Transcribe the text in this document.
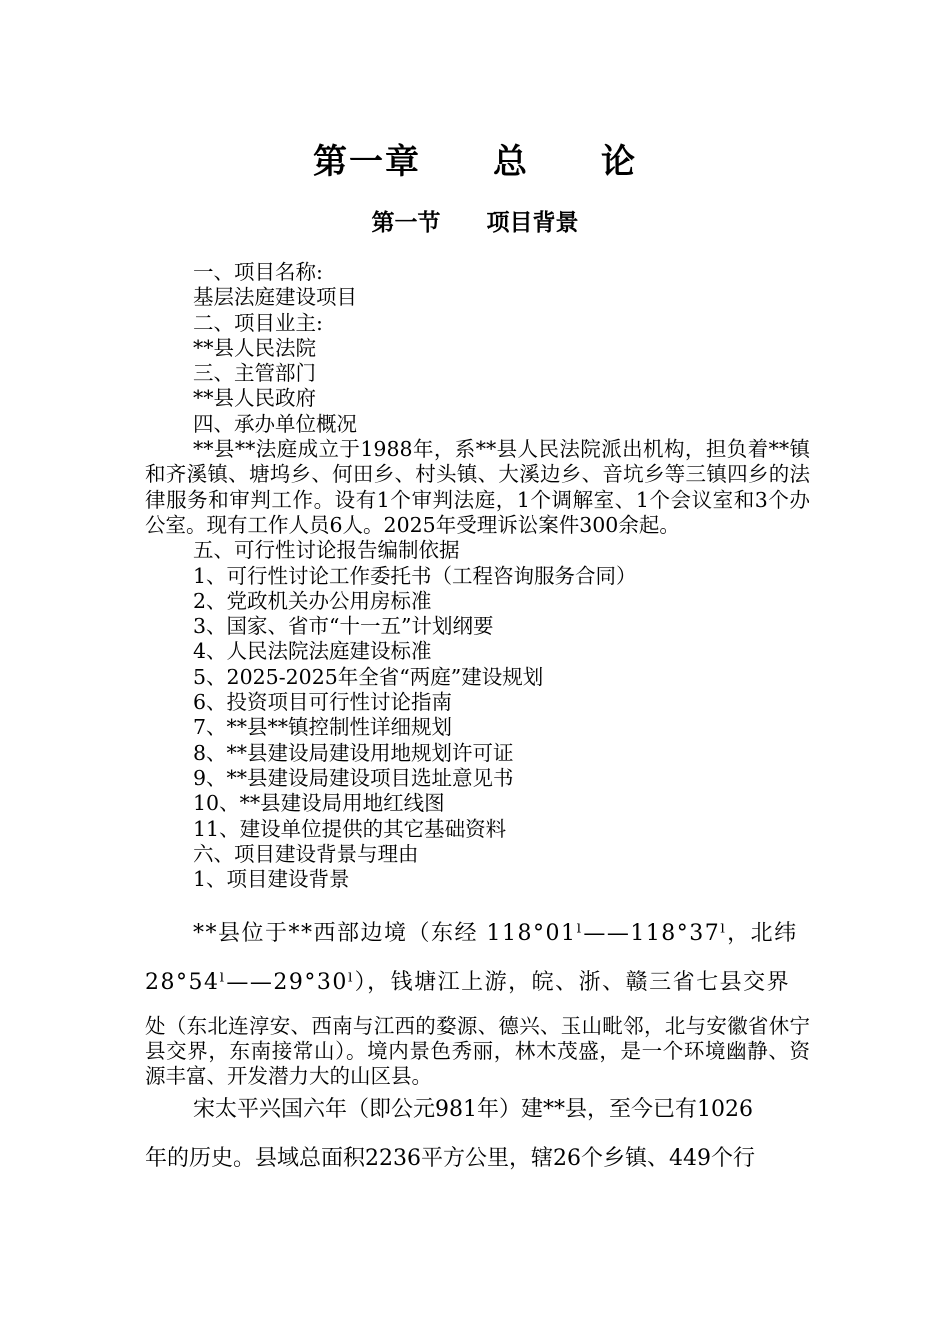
第一章　　总　　论
第一节　　项目背景

一、项目名称:

基层法庭建设项目

二、项目业主:

**县人民法院

三、主管部门

**县人民政府

四、承办单位概况

**县**法庭成立于1988年，系**县人民法院派出机构，担负着**镇和齐溪镇、塘坞乡、何田乡、村头镇、大溪边乡、音坑乡等三镇四乡的法律服务和审判工作。设有1个审判法庭，1个调解室、1个会议室和3个办公室。现有工作人员6人。2025年受理诉讼案件300余起。

五、可行性讨论报告编制依据

1、可行性讨论工作委托书（工程咨询服务合同）

2、党政机关办公用房标准

3、国家、省市“十一五”计划纲要

4、人民法院法庭建设标准

5、2025-2025年全省“两庭”建设规划

6、投资项目可行性讨论指南

7、**县**镇控制性详细规划

8、**县建设局建设用地规划许可证

9、**县建设局建设项目选址意见书

10、**县建设局用地红线图

11、建设单位提供的其它基础资料

六、项目建设背景与理由

1、项目建设背景

**县位于**西部边境（东经 118°01ˡ——118°37ˡ，北纬

28°54ˡ——29°30ˡ），钱塘江上游，皖、浙、赣三省七县交界

处（东北连淳安、西南与江西的婺源、德兴、玉山毗邻，北与安徽省休宁县交界，东南接常山）。境内景色秀丽，林木茂盛，是一个环境幽静、资源丰富、开发潜力大的山区县。

宋太平兴国六年（即公元981年）建**县，至今已有1026

年的历史。县域总面积2236平方公里，辖26个乡镇、449个行
